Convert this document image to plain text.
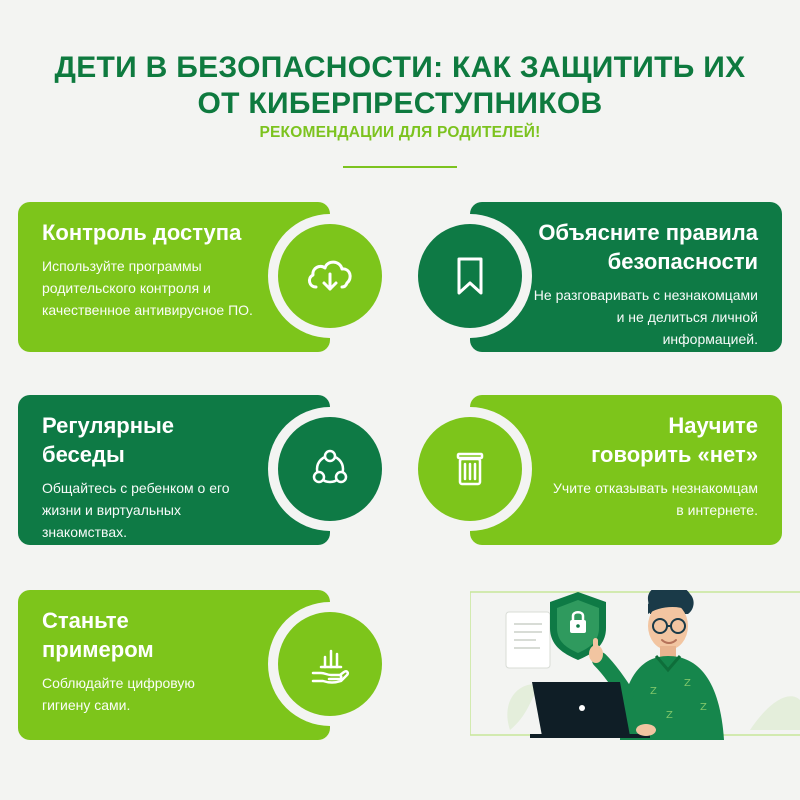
ДЕТИ В БЕЗОПАСНОСТИ: КАК ЗАЩИТИТЬ ИХ
ОТ КИБЕРПРЕСТУПНИКОВ
РЕКОМЕНДАЦИИ ДЛЯ РОДИТЕЛЕЙ!
Контроль доступа
Используйте программы родительского контроля и качественное антивирусное ПО.
Объясните правила
безопасности
Не разговаривать с незнакомцами и не делиться личной информацией.
Регулярные
беседы
Общайтесь с ребенком о его жизни и виртуальных знакомствах.
Научите
говорить «нет»
Учите отказывать незнакомцам в интернете.
Станьте
примером
Соблюдайте цифровую гигиену сами.
Z
Z
Z
Z
